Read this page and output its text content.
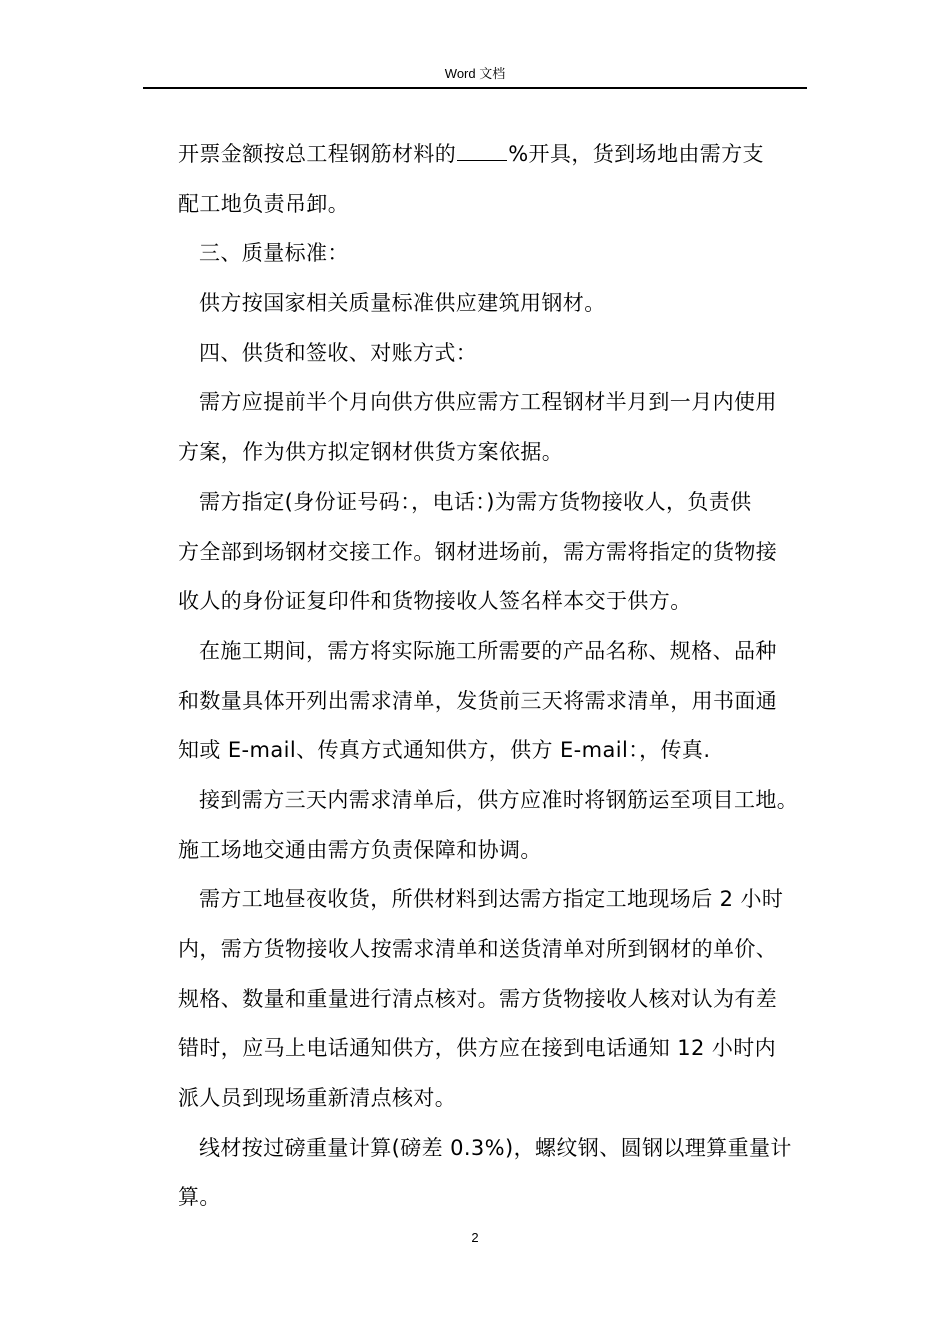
Word 文档
开票金额按总工程钢筋材料的 %开具，货到场地由需方支
配工地负责吊卸。
三、质量标准：
供方按国家相关质量标准供应建筑用钢材。
四、供货和签收、对账方式：
需方应提前半个月向供方供应需方工程钢材半月到一月内使用
方案，作为供方拟定钢材供货方案依据。
需方指定(身份证号码：，电话：)为需方货物接收人，负责供
方全部到场钢材交接工作。钢材进场前，需方需将指定的货物接
收人的身份证复印件和货物接收人签名样本交于供方。
在施工期间，需方将实际施工所需要的产品名称、规格、品种
和数量具体开列出需求清单，发货前三天将需求清单，用书面通
知或 E-mail、传真方式通知供方，供方 E-mail：，传真.
接到需方三天内需求清单后，供方应准时将钢筋运至项目工地。
施工场地交通由需方负责保障和协调。
需方工地昼夜收货，所供材料到达需方指定工地现场后 2 小时
内，需方货物接收人按需求清单和送货清单对所到钢材的单价、
规格、数量和重量进行清点核对。需方货物接收人核对认为有差
错时，应马上电话通知供方，供方应在接到电话通知 12 小时内
派人员到现场重新清点核对。
线材按过磅重量计算(磅差 0.3%)，螺纹钢、圆钢以理算重量计
算。
2
